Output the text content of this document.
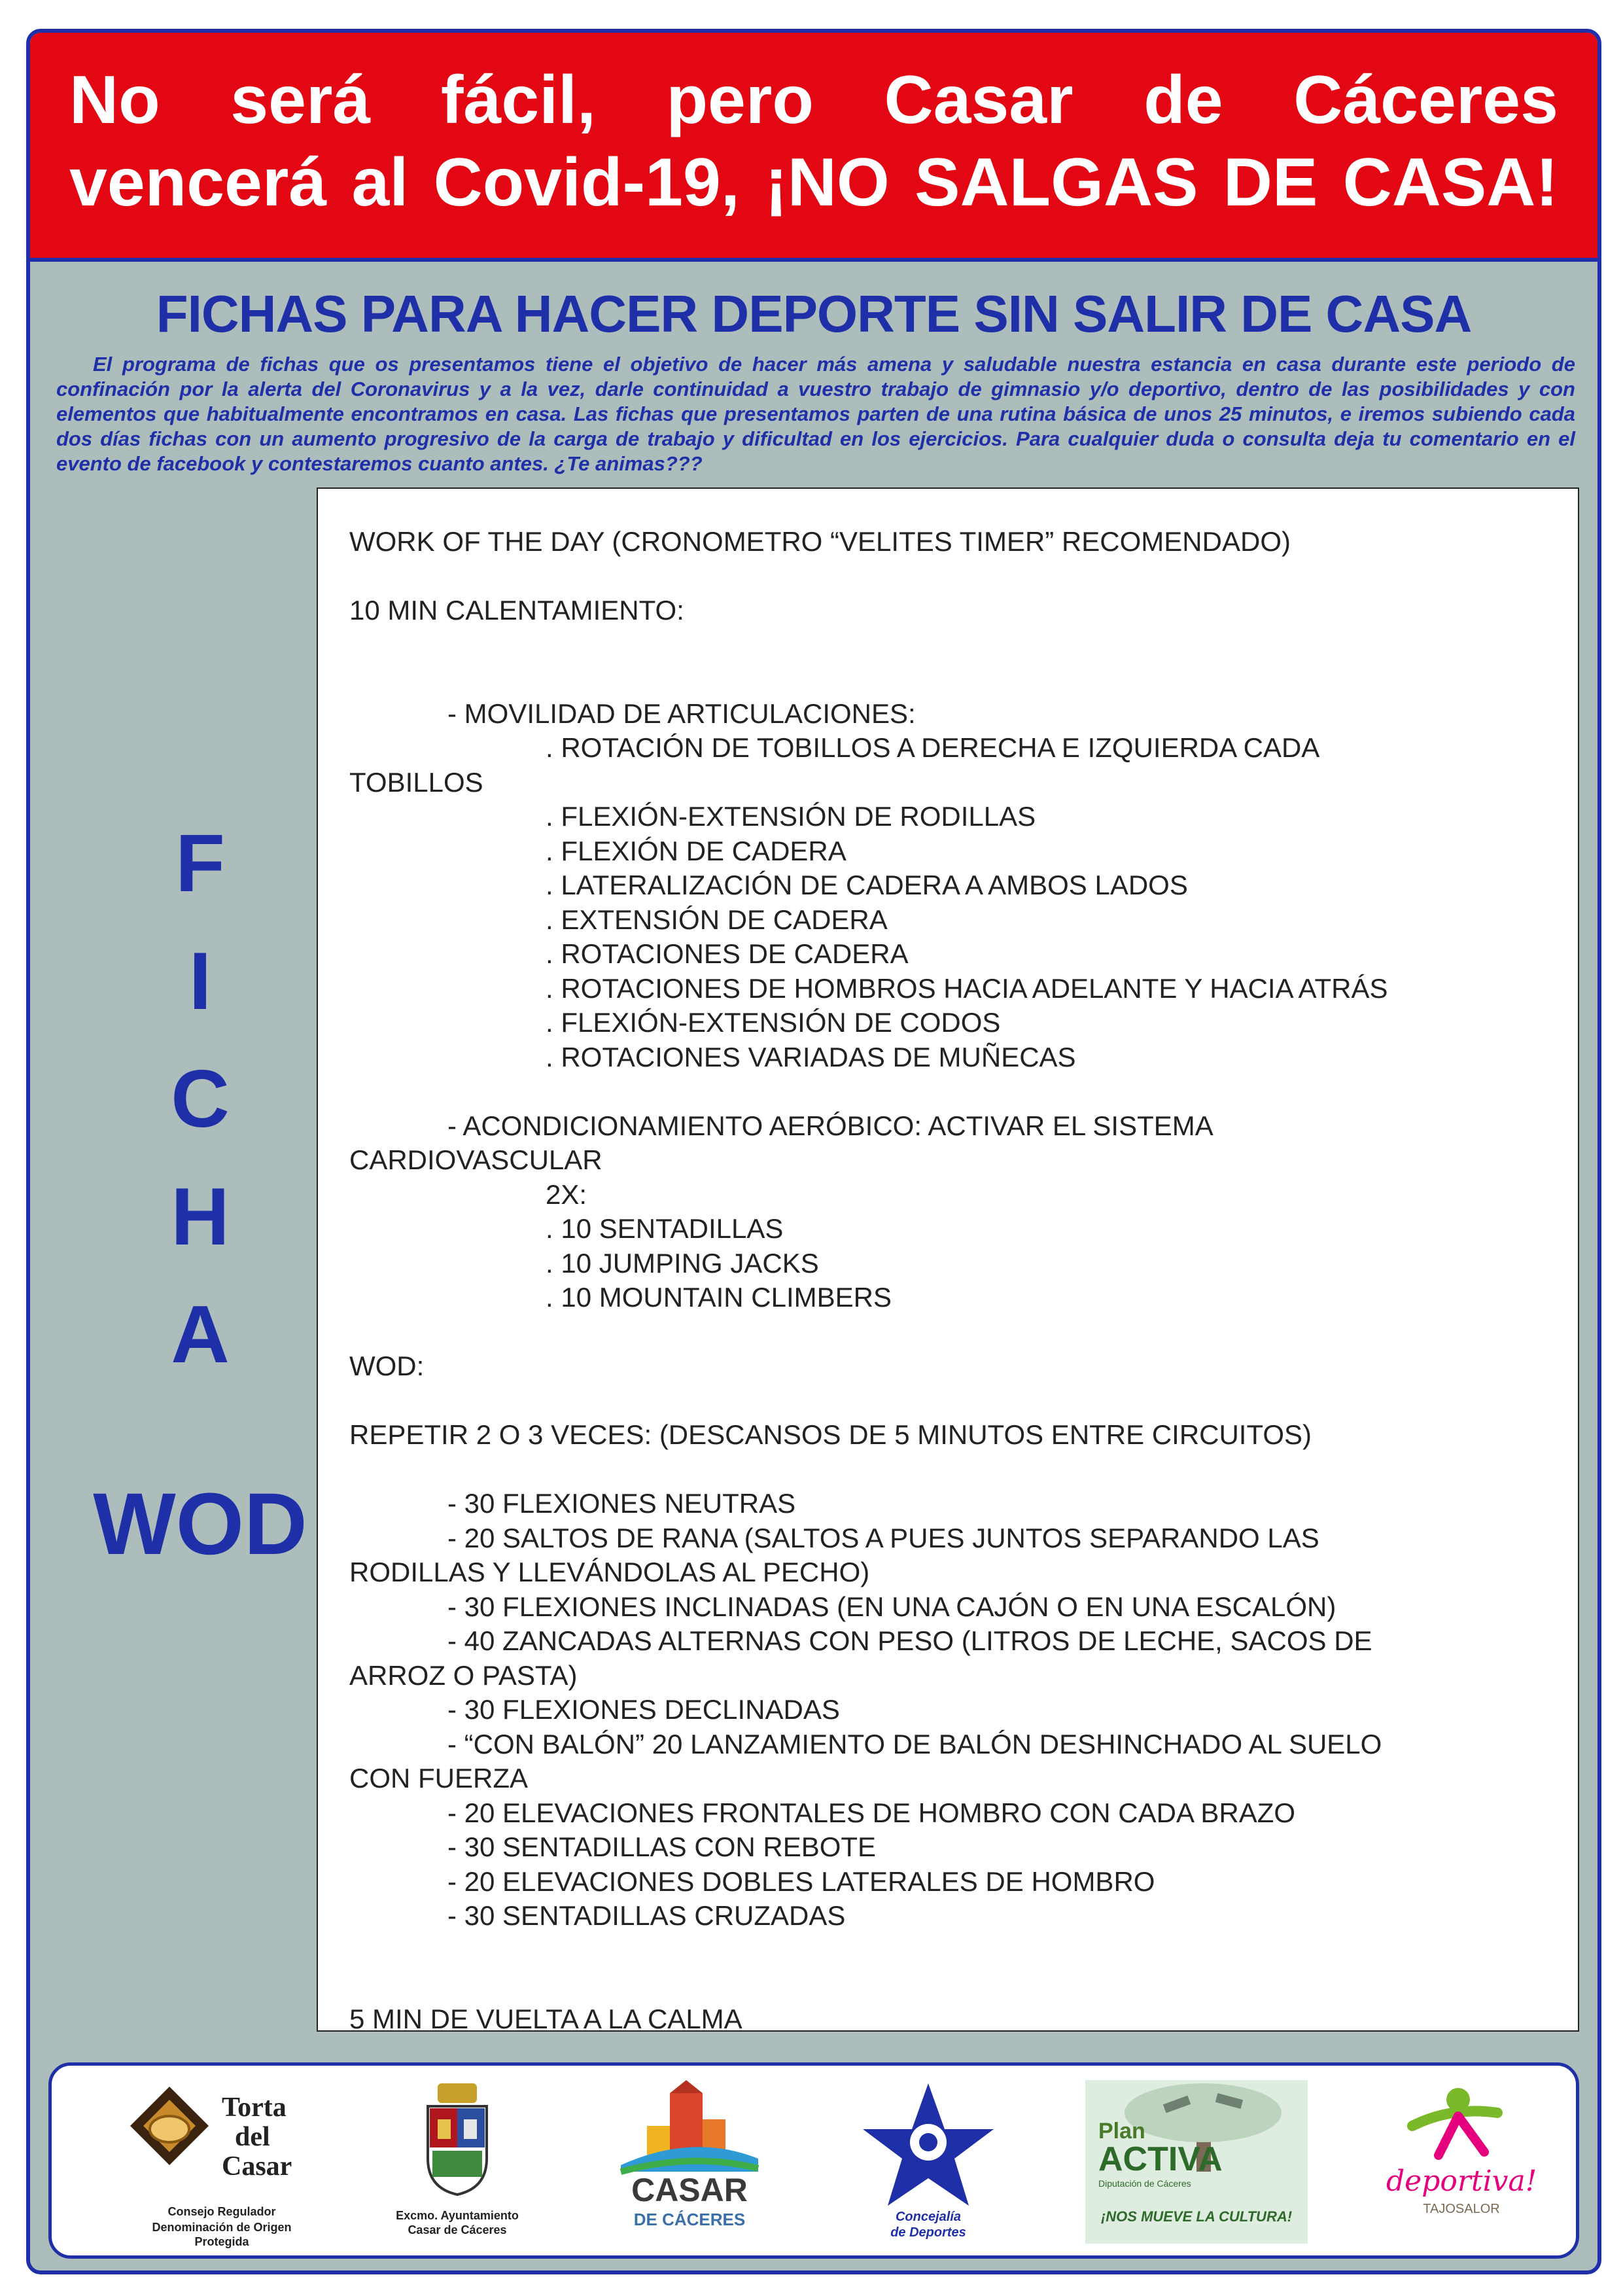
No será fácil, pero Casar de Cáceres

vencerá al Covid-19, ¡NO SALGAS DE CASA!

FICHAS PARA HACER DEPORTE SIN SALIR DE CASA

El programa de fichas que os presentamos tiene el objetivo de hacer más amena y saludable nuestra estancia en casa durante este periodo de confinación por la alerta del Coronavirus y a la vez, darle continuidad a vuestro trabajo de gimnasio y/o deportivo, dentro de las posibilidades y con elementos que habitualmente encontramos en casa. Las fichas que presentamos parten de una rutina básica de unos 25 minutos, e iremos subiendo cada dos días fichas con un aumento progresivo de la carga de trabajo y dificultad en los ejercicios. Para cualquier duda o consulta deja tu comentario en el evento de facebook y contestaremos cuanto antes. ¿Te animas???

F
I
C
H
A
WOD
WORK OF THE DAY (CRONOMETRO “VELITES TIMER” RECOMENDADO)
10 MIN CALENTAMIENTO:
- MOVILIDAD DE ARTICULACIONES:
. ROTACIÓN DE TOBILLOS A DERECHA E IZQUIERDA CADA
TOBILLOS
. FLEXIÓN-EXTENSIÓN DE RODILLAS
. FLEXIÓN DE CADERA
. LATERALIZACIÓN DE CADERA A AMBOS LADOS
. EXTENSIÓN DE CADERA
. ROTACIONES DE CADERA
. ROTACIONES DE HOMBROS HACIA ADELANTE Y HACIA ATRÁS
. FLEXIÓN-EXTENSIÓN DE CODOS
. ROTACIONES VARIADAS DE MUÑECAS
- ACONDICIONAMIENTO AERÓBICO: ACTIVAR EL SISTEMA
CARDIOVASCULAR
2X:
. 10 SENTADILLAS
. 10 JUMPING JACKS
. 10 MOUNTAIN CLIMBERS
WOD:
REPETIR 2 O 3 VECES: (DESCANSOS DE 5 MINUTOS ENTRE CIRCUITOS)
- 30 FLEXIONES NEUTRAS
- 20 SALTOS DE RANA (SALTOS A PUES JUNTOS SEPARANDO LAS
RODILLAS Y LLEVÁNDOLAS AL PECHO)
- 30 FLEXIONES INCLINADAS (EN UNA CAJÓN O EN UNA ESCALÓN)
- 40 ZANCADAS ALTERNAS CON PESO (LITROS DE LECHE, SACOS DE
ARROZ O PASTA)
- 30 FLEXIONES DECLINADAS
- “CON BALÓN” 20 LANZAMIENTO DE BALÓN DESHINCHADO AL SUELO
CON FUERZA
- 20 ELEVACIONES FRONTALES DE HOMBRO CON CADA BRAZO
- 30 SENTADILLAS CON REBOTE
- 20 ELEVACIONES DOBLES LATERALES DE HOMBRO
- 30 SENTADILLAS CRUZADAS
5 MIN DE VUELTA A LA CALMA
Torta
del
Casar
Consejo Regulador
Denominación de Origen Protegida
Excmo. Ayuntamiento
Casar de Cáceres
CASAR
DE CÁCERES	Concejalía
de Deportes
Plan
ACTIVA
Diputación de Cáceres
¡NOS MUEVE LA CULTURA!
deportiva!
TAJOSALOR
